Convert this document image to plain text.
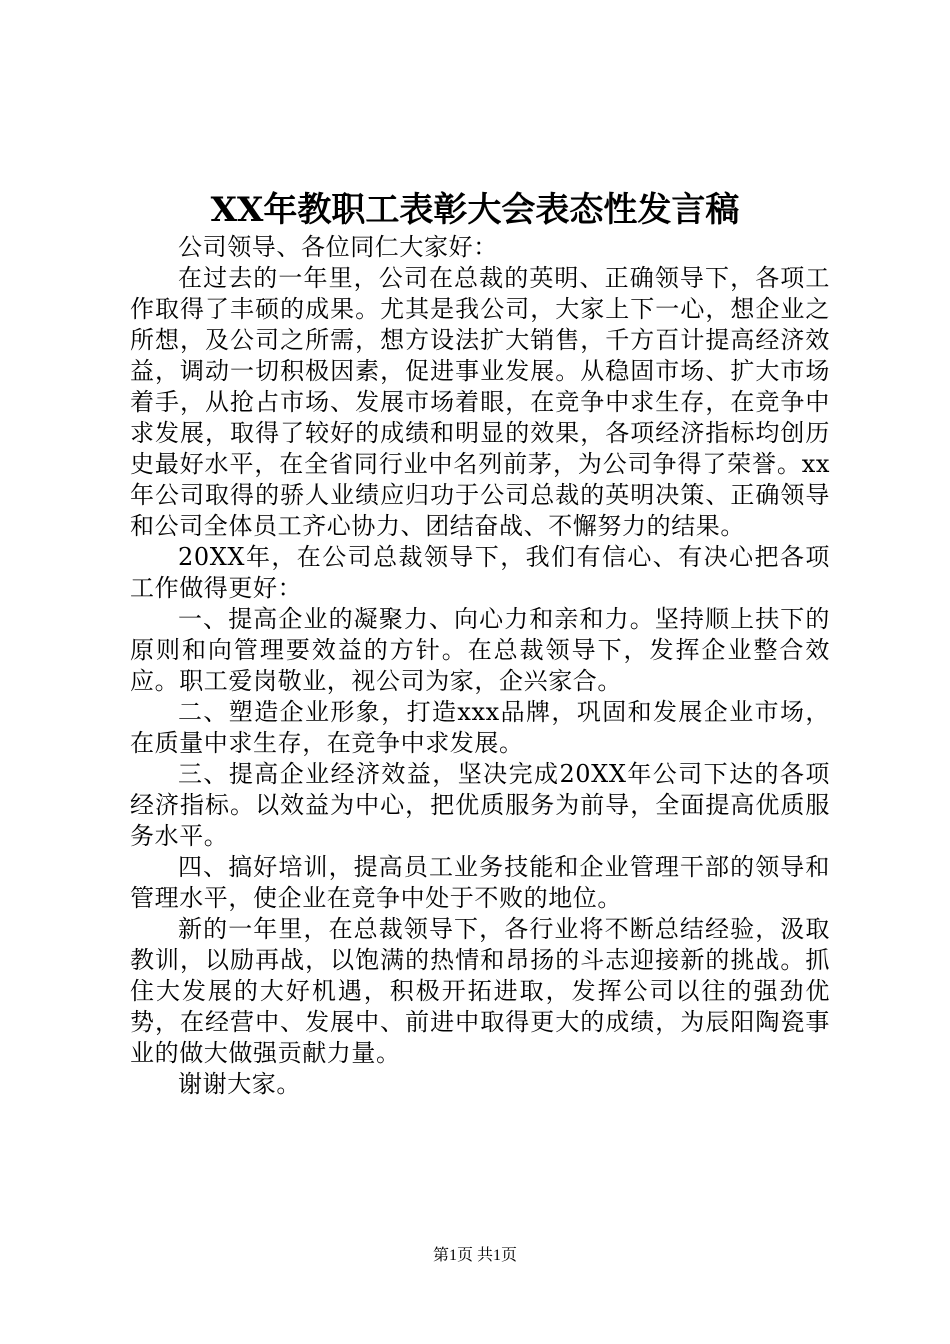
XX年教职工表彰大会表态性发言稿

公司领导、各位同仁大家好：

在过去的一年里，公司在总裁的英明、正确领导下，各项工作取得了丰硕的成果。尤其是我公司，大家上下一心，想企业之所想，及公司之所需，想方设法扩大销售，千方百计提高经济效益，调动一切积极因素，促进事业发展。从稳固市场、扩大市场着手，从抢占市场、发展市场着眼，在竞争中求生存，在竞争中求发展，取得了较好的成绩和明显的效果，各项经济指标均创历史最好水平，在全省同行业中名列前茅，为公司争得了荣誉。xx年公司取得的骄人业绩应归功于公司总裁的英明决策、正确领导和公司全体员工齐心协力、团结奋战、不懈努力的结果。

20XX年，在公司总裁领导下，我们有信心、有决心把各项工作做得更好：

一、提高企业的凝聚力、向心力和亲和力。坚持顺上扶下的原则和向管理要效益的方针。在总裁领导下，发挥企业整合效应。职工爱岗敬业，视公司为家，企兴家合。

二、塑造企业形象，打造xxx品牌，巩固和发展企业市场，在质量中求生存，在竞争中求发展。

三、提高企业经济效益，坚决完成20XX年公司下达的各项经济指标。以效益为中心，把优质服务为前导，全面提高优质服务水平。

四、搞好培训，提高员工业务技能和企业管理干部的领导和管理水平，使企业在竞争中处于不败的地位。

新的一年里，在总裁领导下，各行业将不断总结经验，汲取教训，以励再战，以饱满的热情和昂扬的斗志迎接新的挑战。抓住大发展的大好机遇，积极开拓进取，发挥公司以往的强劲优势，在经营中、发展中、前进中取得更大的成绩，为辰阳陶瓷事业的做大做强贡献力量。

谢谢大家。

第1页 共1页
